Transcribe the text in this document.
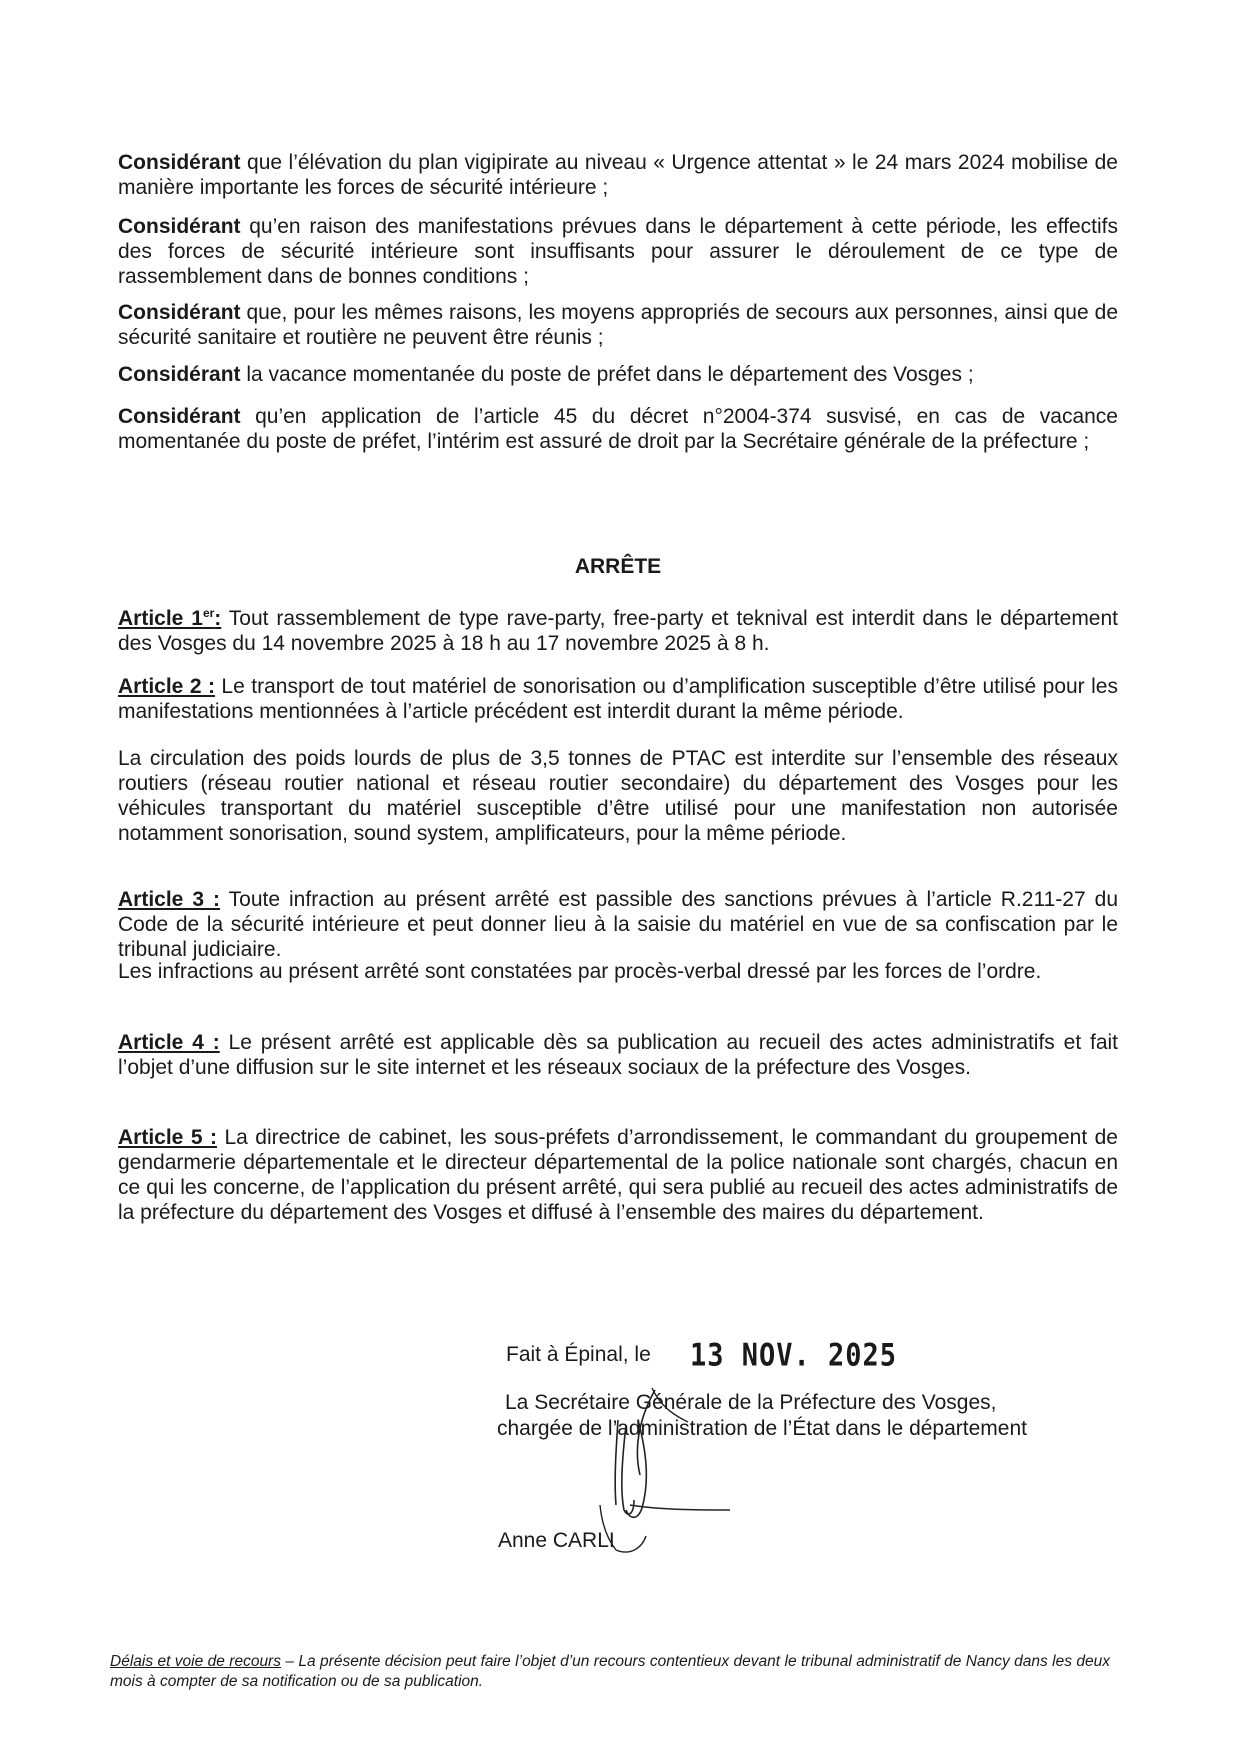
Considérant que l’élévation du plan vigipirate au niveau « Urgence attentat » le 24 mars 2024 mobilise de manière importante les forces de sécurité intérieure ;

Considérant qu’en raison des manifestations prévues dans le département à cette période, les effectifs des forces de sécurité intérieure sont insuffisants pour assurer le déroulement de ce type de rassemblement dans de bonnes conditions ;

Considérant que, pour les mêmes raisons, les moyens appropriés de secours aux personnes, ainsi que de sécurité sanitaire et routière ne peuvent être réunis ;

Considérant la vacance momentanée du poste de préfet dans le département des Vosges ;

Considérant qu’en application de l’article 45 du décret n°2004-374 susvisé, en cas de vacance momentanée du poste de préfet, l’intérim est assuré de droit par la Secrétaire générale de la préfecture ;

ARRÊTE

Article 1er: Tout rassemblement de type rave-party, free-party et teknival est interdit dans le département des Vosges du 14 novembre 2025 à 18 h au 17 novembre 2025 à 8 h.

Article 2 : Le transport de tout matériel de sonorisation ou d’amplification susceptible d’être utilisé pour les manifestations mentionnées à l’article précédent est interdit durant la même période.

La circulation des poids lourds de plus de 3,5 tonnes de PTAC est interdite sur l’ensemble des réseaux routiers (réseau routier national et réseau routier secondaire) du département des Vosges pour les véhicules transportant du matériel susceptible d’être utilisé pour une manifestation non autorisée notamment sonorisation, sound system, amplificateurs, pour la même période.

Article 3 : Toute infraction au présent arrêté est passible des sanctions prévues à l’article R.211-27 du Code de la sécurité intérieure et peut donner lieu à la saisie du matériel en vue de sa confiscation par le tribunal judiciaire.

Les infractions au présent arrêté sont constatées par procès-verbal dressé par les forces de l’ordre.

Article 4 : Le présent arrêté est applicable dès sa publication au recueil des actes administratifs et fait l’objet d’une diffusion sur le site internet et les réseaux sociaux de la préfecture des Vosges.

Article 5 : La directrice de cabinet, les sous-préfets d’arrondissement, le commandant du groupement de gendarmerie départementale et le directeur départemental de la police nationale sont chargés, chacun en ce qui les concerne, de l’application du présent arrêté, qui sera publié au recueil des actes administratifs de la préfecture du département des Vosges et diffusé à l’ensemble des maires du département.

Fait à Épinal, le 13 NOV. 2025
La Secrétaire Générale de la Préfecture des Vosges,
chargée de l’administration de l’État dans le département
Anne CARLI
Délais et voie de recours – La présente décision peut faire l’objet d’un recours contentieux devant le tribunal administratif de Nancy dans les deux mois à compter de sa notification ou de sa publication.
